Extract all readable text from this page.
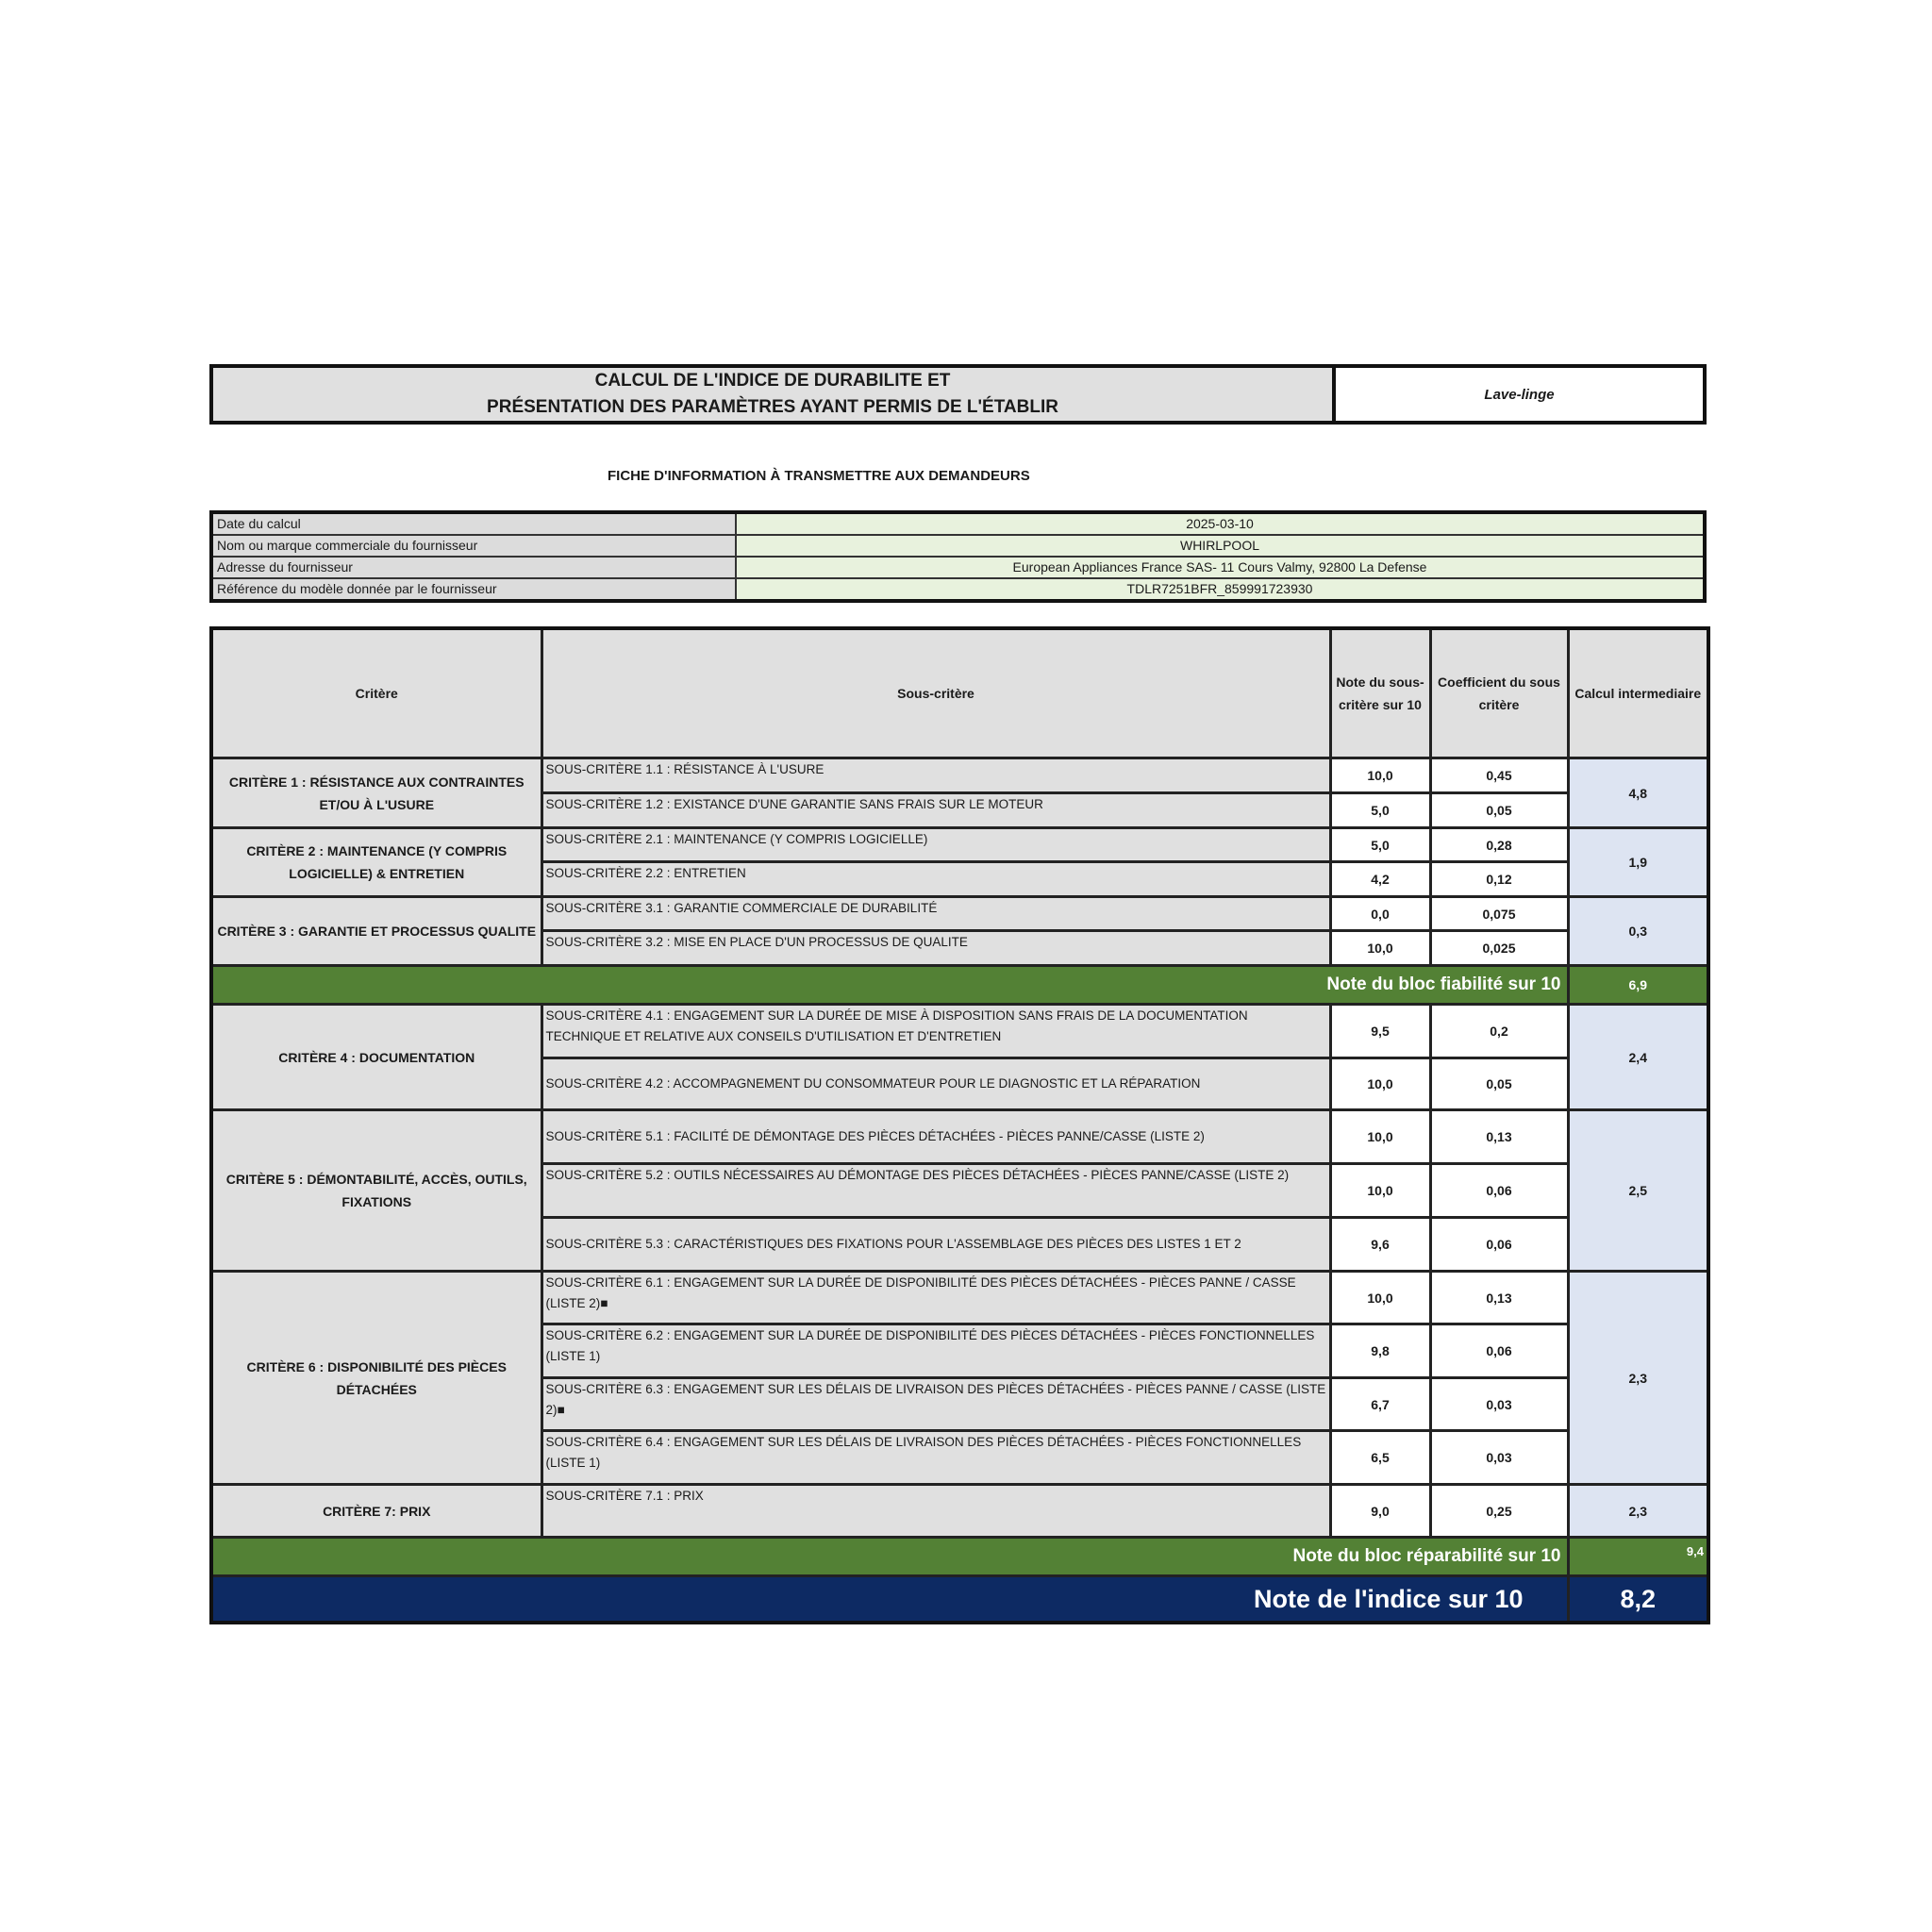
CALCUL DE L'INDICE DE DURABILITE ET
PRÉSENTATION DES PARAMÈTRES AYANT PERMIS DE L'ÉTABLIR
Lave-linge
FICHE D'INFORMATION À TRANSMETTRE AUX DEMANDEURS
Date du calcul	2025-03-10
Nom ou marque commerciale du fournisseur	WHIRLPOOL
Adresse du fournisseur	European Appliances France SAS- 11 Cours Valmy, 92800 La Defense
Référence du modèle donnée par le fournisseur	TDLR7251BFR_859991723930
Critère	Sous-critère	Note du sous-critère sur 10	Coefficient du sous critère	Calcul intermediaire
CRITÈRE 1 : RÉSISTANCE AUX CONTRAINTES ET/OU À L'USURE	SOUS-CRITÈRE 1.1 : RÉSISTANCE À L'USURE	10,0	0,45	4,8
	SOUS-CRITÈRE 1.2 : EXISTANCE D'UNE GARANTIE SANS FRAIS SUR LE MOTEUR	5,0	0,05	
CRITÈRE 2 : MAINTENANCE (Y COMPRIS LOGICIELLE) & ENTRETIEN	SOUS-CRITÈRE 2.1 : MAINTENANCE (Y COMPRIS LOGICIELLE)	5,0	0,28	1,9
	SOUS-CRITÈRE 2.2 : ENTRETIEN	4,2	0,12	
CRITÈRE 3 : GARANTIE ET PROCESSUS QUALITE	SOUS-CRITÈRE 3.1 : GARANTIE COMMERCIALE DE DURABILITÉ	0,0	0,075	0,3
	SOUS-CRITÈRE 3.2 : MISE EN PLACE D'UN PROCESSUS DE QUALITE	10,0	0,025	
Note du bloc fiabilité sur 10				6,9
CRITÈRE 4 : DOCUMENTATION	SOUS-CRITÈRE 4.1 : ENGAGEMENT SUR LA DURÉE DE MISE À DISPOSITION SANS FRAIS DE LA DOCUMENTATION TECHNIQUE ET RELATIVE AUX CONSEILS D'UTILISATION ET D'ENTRETIEN	9,5	0,2	2,4
	SOUS-CRITÈRE 4.2 : ACCOMPAGNEMENT DU CONSOMMATEUR POUR LE DIAGNOSTIC ET LA RÉPARATION	10,0	0,05	
CRITÈRE 5 : DÉMONTABILITÉ, ACCÈS, OUTILS, FIXATIONS	SOUS-CRITÈRE 5.1 : FACILITÉ DE DÉMONTAGE DES PIÈCES DÉTACHÉES - PIÈCES PANNE/CASSE (LISTE 2)	10,0	0,13	2,5
	SOUS-CRITÈRE 5.2 : OUTILS NÉCESSAIRES AU DÉMONTAGE DES PIÈCES DÉTACHÉES - PIÈCES PANNE/CASSE (LISTE 2)	10,0	0,06	
	SOUS-CRITÈRE 5.3 : CARACTÉRISTIQUES DES FIXATIONS POUR L'ASSEMBLAGE DES PIÈCES DES LISTES 1 ET 2	9,6	0,06	
CRITÈRE 6 : DISPONIBILITÉ DES PIÈCES DÉTACHÉES	SOUS-CRITÈRE 6.1 : ENGAGEMENT SUR LA DURÉE DE DISPONIBILITÉ DES PIÈCES DÉTACHÉES - PIÈCES PANNE / CASSE (LISTE 2)■	10,0	0,13	2,3
	SOUS-CRITÈRE 6.2 : ENGAGEMENT SUR LA DURÉE DE DISPONIBILITÉ DES PIÈCES DÉTACHÉES - PIÈCES FONCTIONNELLES (LISTE 1)	9,8	0,06	
	SOUS-CRITÈRE 6.3 : ENGAGEMENT SUR LES DÉLAIS DE LIVRAISON DES PIÈCES DÉTACHÉES - PIÈCES PANNE / CASSE (LISTE 2)■	6,7	0,03	
	SOUS-CRITÈRE 6.4 : ENGAGEMENT SUR LES DÉLAIS DE LIVRAISON DES PIÈCES DÉTACHÉES - PIÈCES FONCTIONNELLES (LISTE 1)	6,5	0,03	
CRITÈRE 7: PRIX	SOUS-CRITÈRE 7.1 : PRIX	9,0	0,25	2,3
Note du bloc réparabilité sur 10				9,4
Note de l'indice sur 10				8,2
